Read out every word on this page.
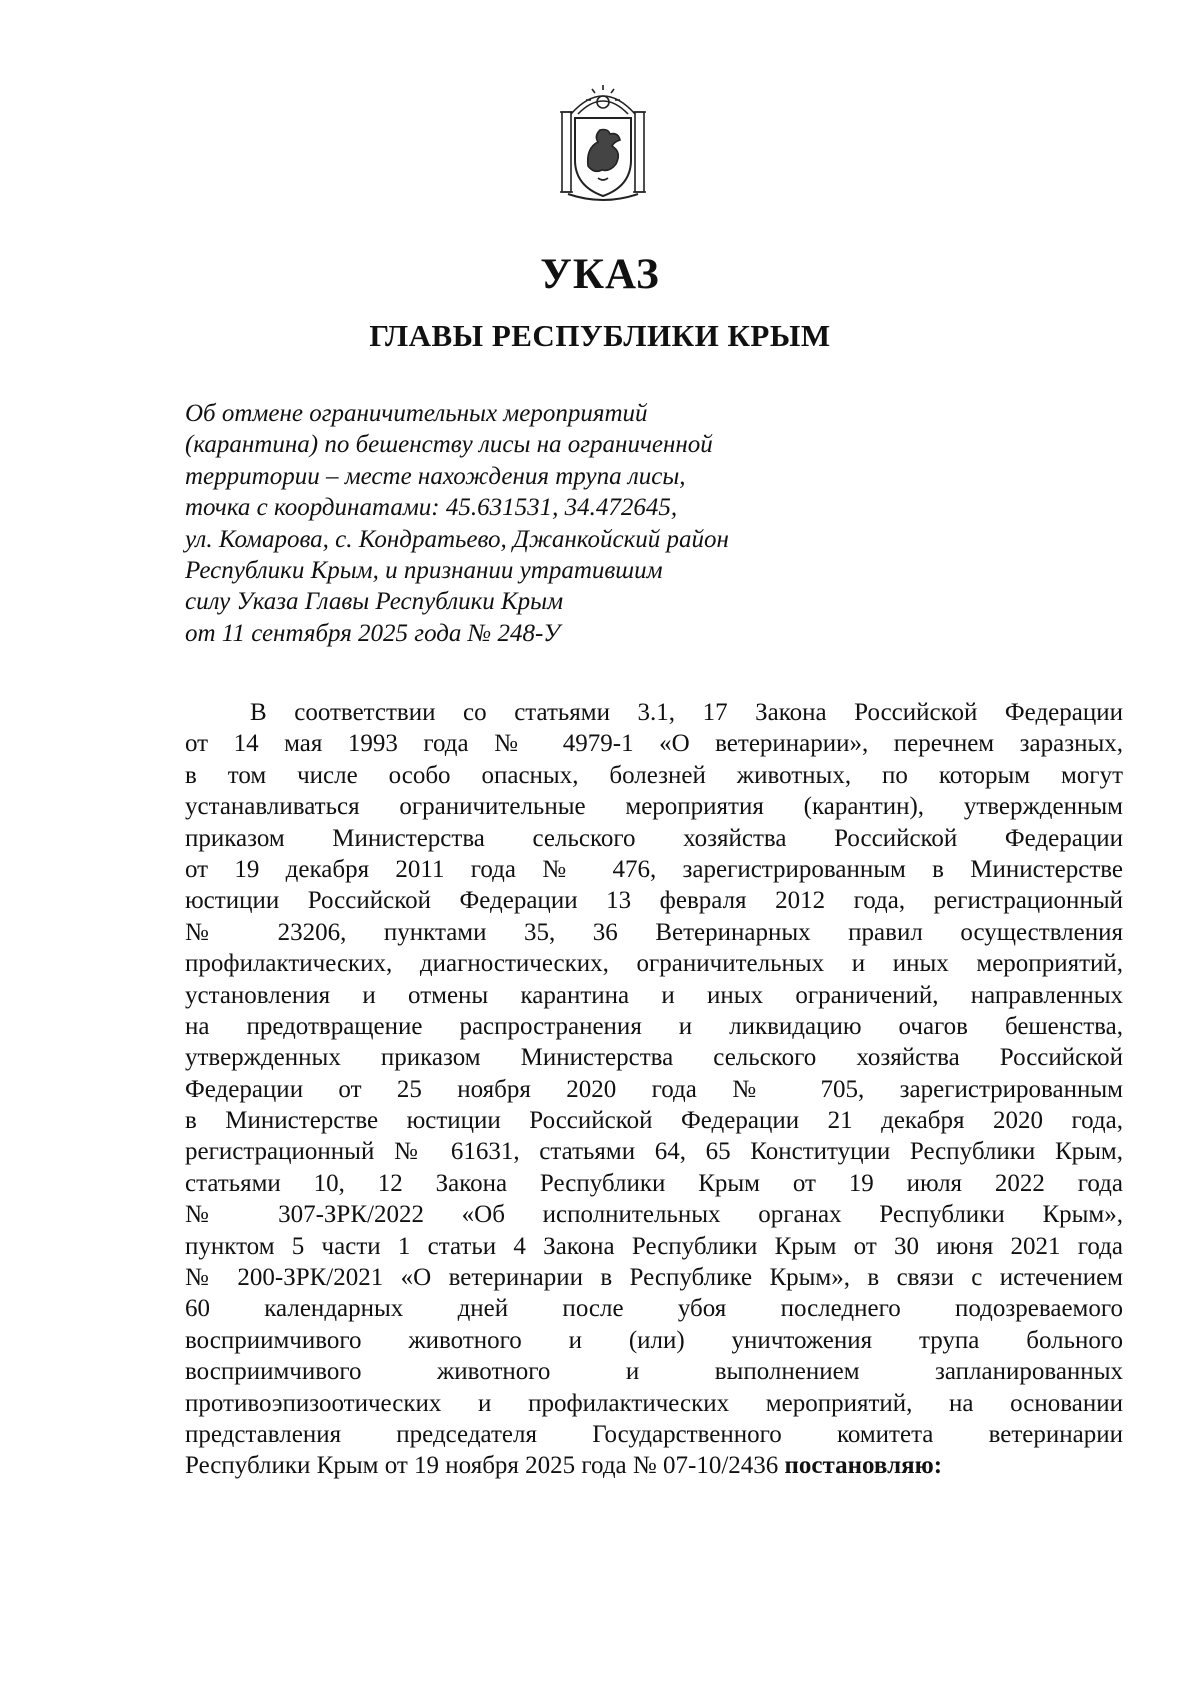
УКАЗ
ГЛАВЫ РЕСПУБЛИКИ КРЫМ
Об отмене ограничительных мероприятий
(карантина) по бешенству лисы на ограниченной
территории – месте нахождения трупа лисы,
точка с координатами: 45.631531, 34.472645,
ул. Комарова, с. Кондратьево, Джанкойский район
Республики Крым, и признании утратившим
силу Указа Главы Республики Крым
от 11 сентября 2025 года № 248-У
В соответствии со статьями 3.1, 17 Закона Российской Федерации
от 14 мая 1993 года № 4979-1 «О ветеринарии», перечнем заразных,
в том числе особо опасных, болезней животных, по которым могут
устанавливаться ограничительные мероприятия (карантин), утвержденным
приказом Министерства сельского хозяйства Российской Федерации
от 19 декабря 2011 года № 476, зарегистрированным в Министерстве
юстиции Российской Федерации 13 февраля 2012 года, регистрационный
№ 23206, пунктами 35, 36 Ветеринарных правил осуществления
профилактических, диагностических, ограничительных и иных мероприятий,
установления и отмены карантина и иных ограничений, направленных
на предотвращение распространения и ликвидацию очагов бешенства,
утвержденных приказом Министерства сельского хозяйства Российской
Федерации от 25 ноября 2020 года № 705, зарегистрированным
в Министерстве юстиции Российской Федерации 21 декабря 2020 года,
регистрационный № 61631, статьями 64, 65 Конституции Республики Крым,
статьями 10, 12 Закона Республики Крым от 19 июля 2022 года
№ 307-ЗРК/2022 «Об исполнительных органах Республики Крым»,
пунктом 5 части 1 статьи 4 Закона Республики Крым от 30 июня 2021 года
№ 200-ЗРК/2021 «О ветеринарии в Республике Крым», в связи с истечением
60 календарных дней после убоя последнего подозреваемого
восприимчивого животного и (или) уничтожения трупа больного
восприимчивого животного и выполнением запланированных
противоэпизоотических и профилактических мероприятий, на основании
представления председателя Государственного комитета ветеринарии
Республики Крым от 19 ноября 2025 года № 07-10/2436 постановляю:
